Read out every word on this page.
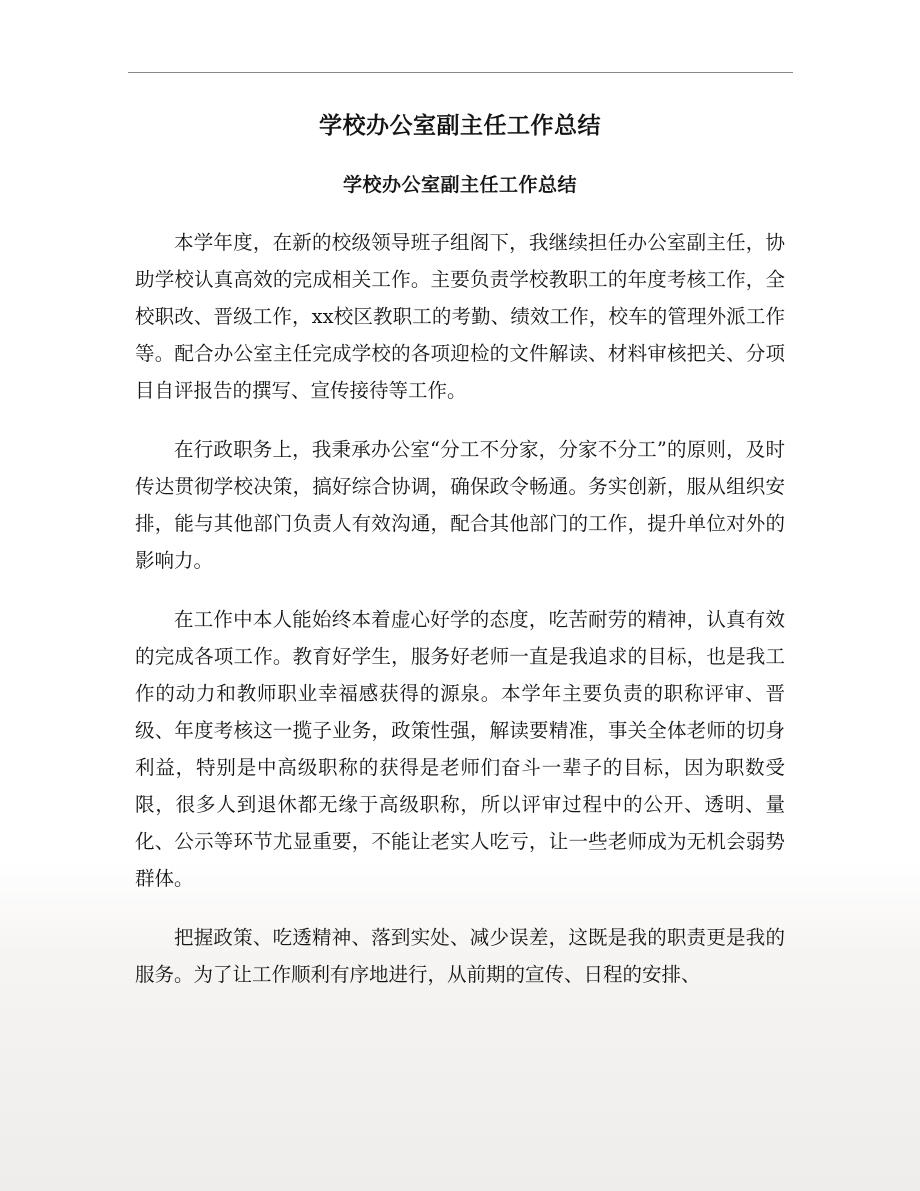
学校办公室副主任工作总结
学校办公室副主任工作总结

本学年度，在新的校级领导班子组阁下，我继续担任办公室副主任，协助学校认真高效的完成相关工作。主要负责学校教职工的年度考核工作，全校职改、晋级工作，xx校区教职工的考勤、绩效工作，校车的管理外派工作等。配合办公室主任完成学校的各项迎检的文件解读、材料审核把关、分项目自评报告的撰写、宣传接待等工作。

在行政职务上，我秉承办公室“分工不分家，分家不分工”的原则，及时传达贯彻学校决策，搞好综合协调，确保政令畅通。务实创新，服从组织安排，能与其他部门负责人有效沟通，配合其他部门的工作，提升单位对外的影响力。

在工作中本人能始终本着虚心好学的态度，吃苦耐劳的精神，认真有效的完成各项工作。教育好学生，服务好老师一直是我追求的目标，也是我工作的动力和教师职业幸福感获得的源泉。本学年主要负责的职称评审、晋级、年度考核这一揽子业务，政策性强，解读要精准，事关全体老师的切身利益，特别是中高级职称的获得是老师们奋斗一辈子的目标，因为职数受限，很多人到退休都无缘于高级职称，所以评审过程中的公开、透明、量化、公示等环节尤显重要，不能让老实人吃亏，让一些老师成为无机会弱势群体。

把握政策、吃透精神、落到实处、减少误差，这既是我的职责更是我的服务。为了让工作顺利有序地进行，从前期的宣传、日程的安排、
